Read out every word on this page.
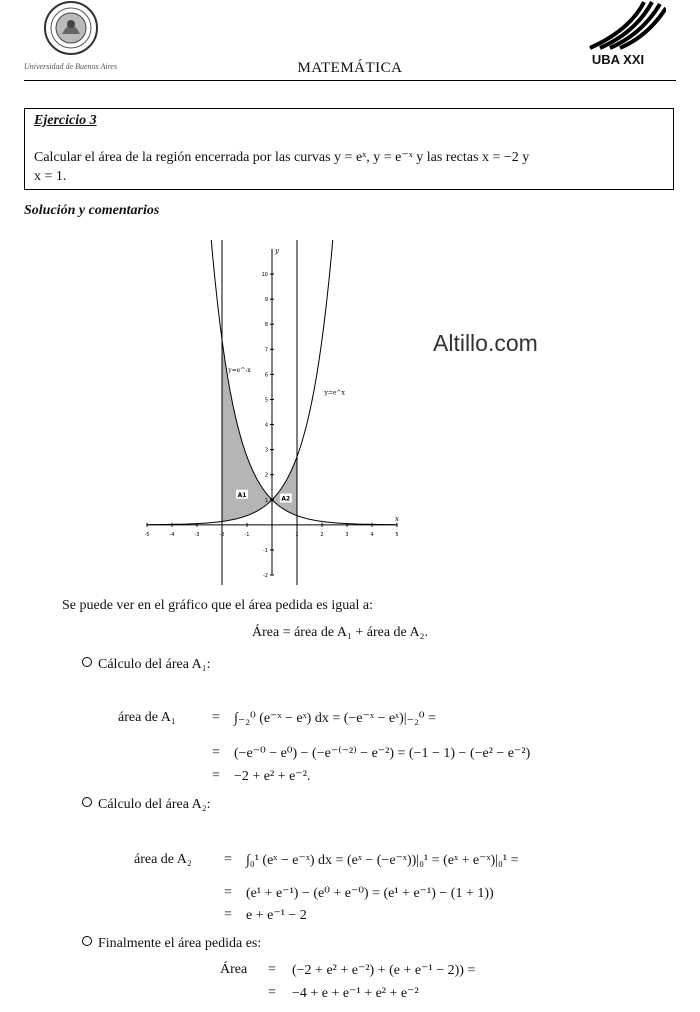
Universidad de Buenos Aires	MATEMÁTICA
UBA XXI
Ejercicio 3
Calcular el área de la región encerrada por las curvas y = eˣ, y = e⁻ˣ y las rectas x = −2 y
x = 1.
Solución y comentarios
-5	-4	-3	-2	-1	1	2	3	4	5
-2
-1
1
2
3
4
5
6
7
8
9
10
x
y
y=e^-x
y=e^x
A1
A2
Altillo.com
Se puede ver en el gráfico que el área pedida es igual a:
Área = área de A₁ + área de A₂.
Cálculo del área A₁:
área de A₁	= ∫₋₂⁰ (e⁻ˣ − eˣ) dx = (−e⁻ˣ − eˣ)|₋₂⁰ =
= (−e⁻⁰ − e⁰) − (−e⁻⁽⁻²⁾ − e⁻²) = (−1 − 1) − (−e² − e⁻²)
= −2 + e² + e⁻².
Cálculo del área A₂:
área de A₂ = ∫₀¹ (eˣ − e⁻ˣ) dx = (eˣ − (−e⁻ˣ))|₀¹ = (eˣ + e⁻ˣ)|₀¹ =
= (e¹ + e⁻¹) − (e⁰ + e⁻⁰) = (e¹ + e⁻¹) − (1 + 1))
= e + e⁻¹ − 2
Finalmente el área pedida es:
Área = (−2 + e² + e⁻²) + (e + e⁻¹ − 2)) =
= −4 + e + e⁻¹ + e² + e⁻²
